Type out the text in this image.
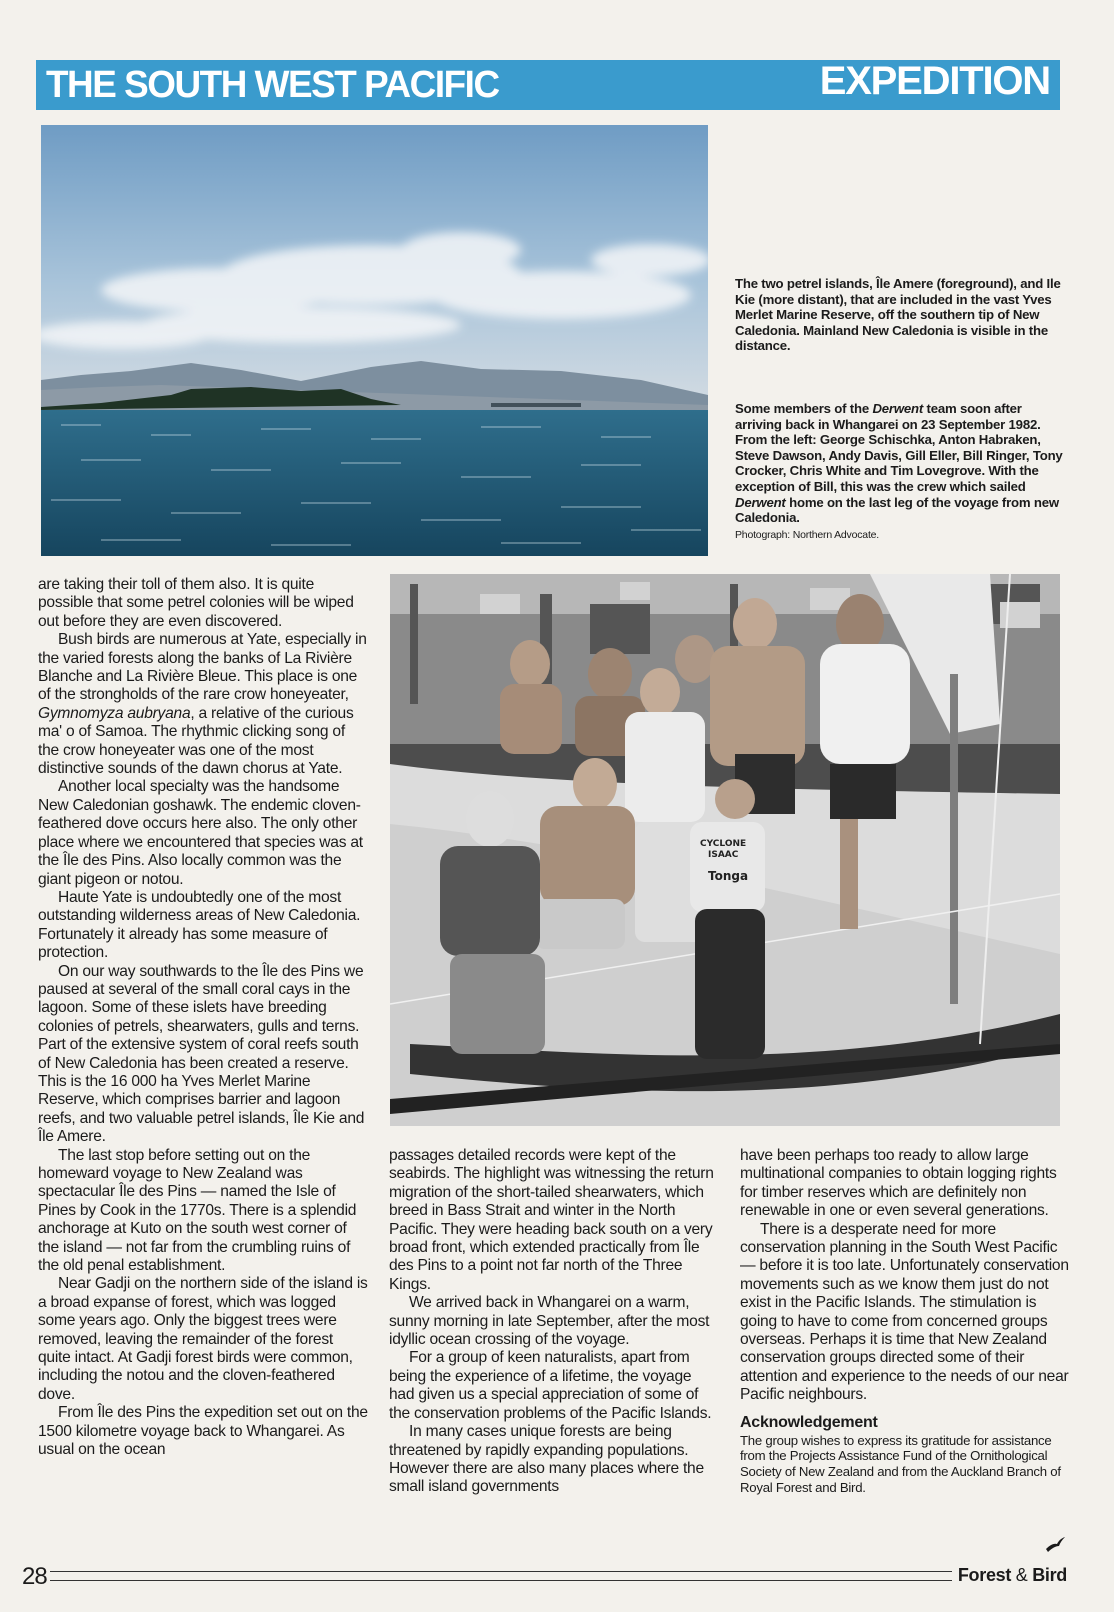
THE SOUTH WEST PACIFIC	EXPEDITION
The two petrel islands, Île Amere (foreground), and Ile Kie (more distant), that are included in the vast Yves Merlet Marine Reserve, off the southern tip of New Caledonia. Mainland New Caledonia is visible in the distance.
Some members of the Derwent team soon after arriving back in Whangarei on 23 September 1982. From the left: George Schischka, Anton Habraken, Steve Dawson, Andy Davis, Gill Eller, Bill Ringer, Tony Crocker, Chris White and Tim Lovegrove. With the exception of Bill, this was the crew which sailed Derwent home on the last leg of the voyage from new Caledonia.
Photograph: Northern Advocate.
CYCLONE
ISAAC
Tonga

are taking their toll of them also. It is quite possible that some petrel colonies will be wiped out before they are even discovered.

Bush birds are numerous at Yate, especially in the varied forests along the banks of La Rivière Blanche and La Rivière Bleue. This place is one of the strongholds of the rare crow honeyeater, Gymnomyza aubryana, a relative of the curious ma' o of Samoa. The rhythmic clicking song of the crow honeyeater was one of the most distinctive sounds of the dawn chorus at Yate.

Another local specialty was the handsome New Caledonian goshawk. The endemic cloven-feathered dove occurs here also. The only other place where we encountered that species was at the Île des Pins. Also locally common was the giant pigeon or notou.

Haute Yate is undoubtedly one of the most outstanding wilderness areas of New Caledonia. Fortunately it already has some measure of protection.

On our way southwards to the Île des Pins we paused at several of the small coral cays in the lagoon. Some of these islets have breeding colonies of petrels, shearwaters, gulls and terns. Part of the extensive system of coral reefs south of New Caledonia has been created a reserve. This is the 16 000 ha Yves Merlet Marine Reserve, which comprises barrier and lagoon reefs, and two valuable petrel islands, Île Kie and Île Amere.

The last stop before setting out on the homeward voyage to New Zealand was spectacular Île des Pins — named the Isle of Pines by Cook in the 1770s. There is a splendid anchorage at Kuto on the south west corner of the island — not far from the crumbling ruins of the old penal establishment.

Near Gadji on the northern side of the island is a broad expanse of forest, which was logged some years ago. Only the biggest trees were removed, leaving the remainder of the forest quite intact. At Gadji forest birds were common, including the notou and the cloven-feathered dove.

From Île des Pins the expedition set out on the 1500 kilometre voyage back to Whangarei. As usual on the ocean

passages detailed records were kept of the seabirds. The highlight was witnessing the return migration of the short-tailed shearwaters, which breed in Bass Strait and winter in the North Pacific. They were heading back south on a very broad front, which extended practically from Île des Pins to a point not far north of the Three Kings.

We arrived back in Whangarei on a warm, sunny morning in late September, after the most idyllic ocean crossing of the voyage.

For a group of keen naturalists, apart from being the experience of a lifetime, the voyage had given us a special appreciation of some of the conservation problems of the Pacific Islands.

In many cases unique forests are being threatened by rapidly expanding populations. However there are also many places where the small island governments

have been perhaps too ready to allow large multinational companies to obtain logging rights for timber reserves which are definitely non renewable in one or even several generations.

There is a desperate need for more conservation planning in the South West Pacific — before it is too late. Unfortunately conservation movements such as we know them just do not exist in the Pacific Islands. The stimulation is going to have to come from concerned groups overseas. Perhaps it is time that New Zealand conservation groups directed some of their attention and experience to the needs of our near Pacific neighbours.

Acknowledgement
The group wishes to express its gratitude for assistance from the Projects Assistance Fund of the Ornithological Society of New Zealand and from the Auckland Branch of Royal Forest and Bird.
28	Forest & Bird
